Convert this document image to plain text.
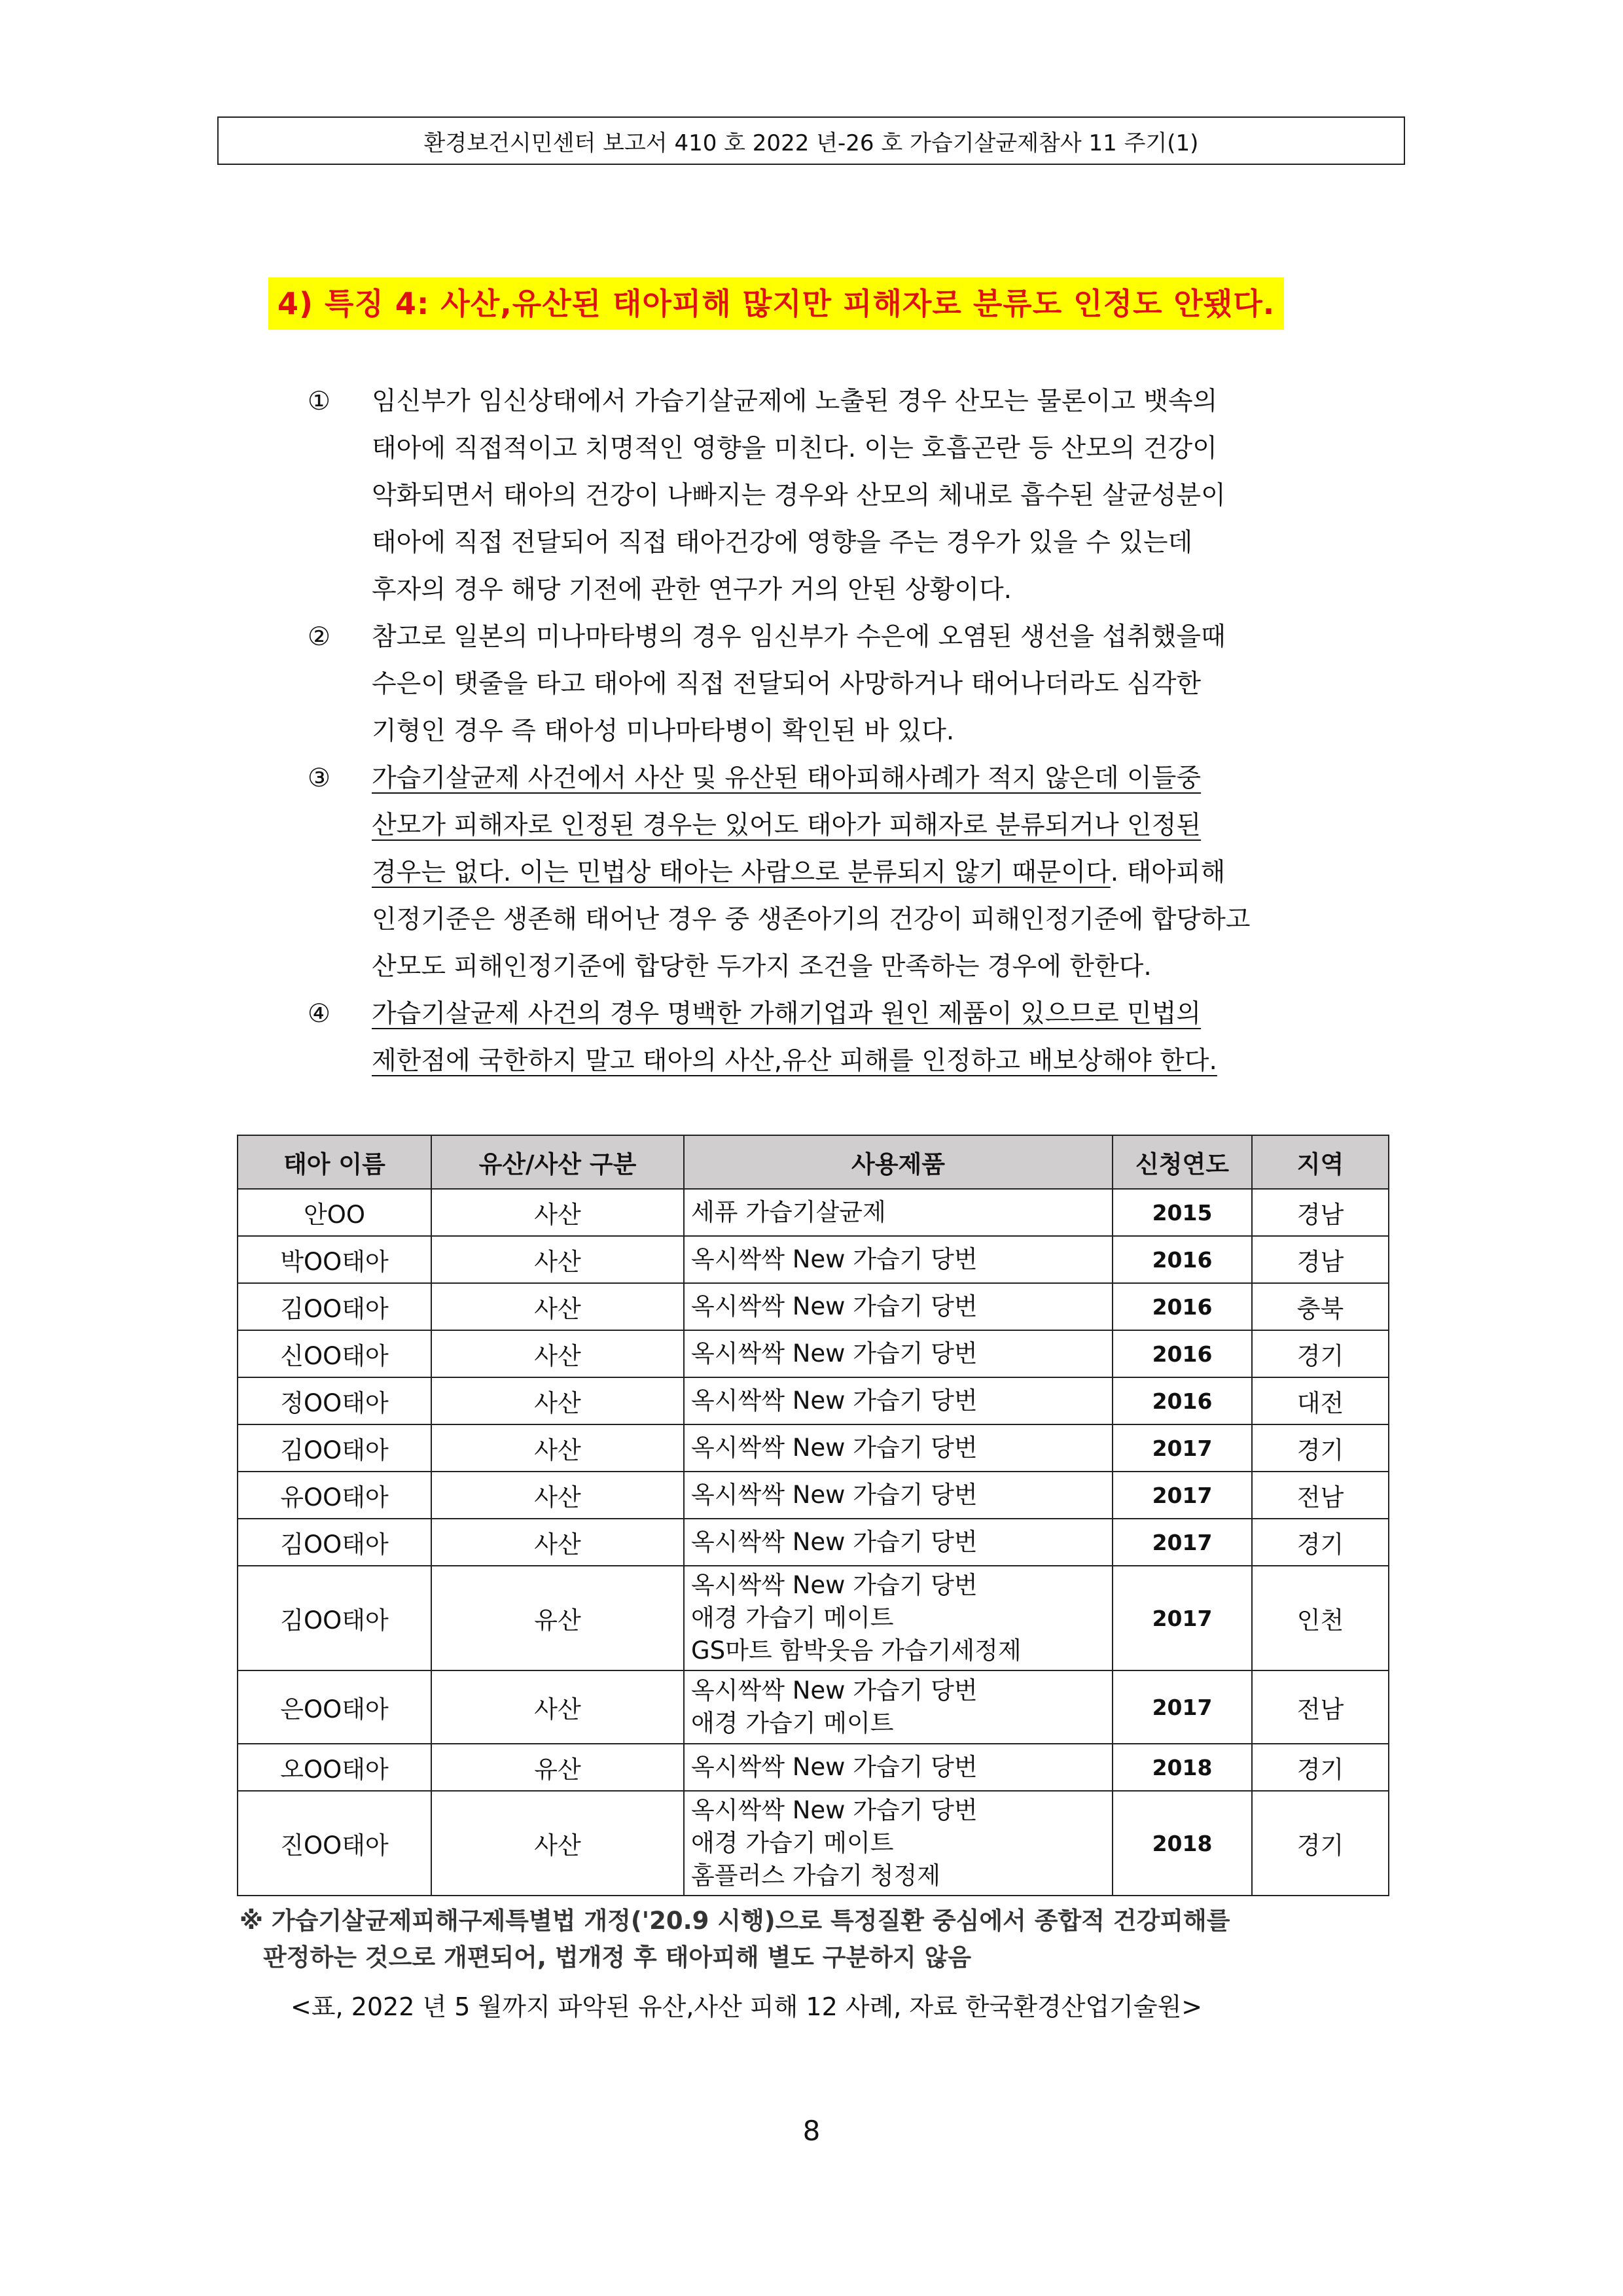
환경보건시민센터 보고서 410 호 2022 년-26 호 가습기살균제참사 11 주기(1)
4) 특징 4: 사산,유산된 태아피해 많지만 피해자로 분류도 인정도 안됐다.
①	임신부가 임신상태에서 가습기살균제에 노출된 경우 산모는 물론이고 뱃속의
태아에 직접적이고 치명적인 영향을 미친다. 이는 호흡곤란 등 산모의 건강이
악화되면서 태아의 건강이 나빠지는 경우와 산모의 체내로 흡수된 살균성분이
태아에 직접 전달되어 직접 태아건강에 영향을 주는 경우가 있을 수 있는데
후자의 경우 해당 기전에 관한 연구가 거의 안된 상황이다.
②	참고로 일본의 미나마타병의 경우 임신부가 수은에 오염된 생선을 섭취했을때
수은이 탯줄을 타고 태아에 직접 전달되어 사망하거나 태어나더라도 심각한
기형인 경우 즉 태아성 미나마타병이 확인된 바 있다.
③	가습기살균제 사건에서 사산 및 유산된 태아피해사례가 적지 않은데 이들중
산모가 피해자로 인정된 경우는 있어도 태아가 피해자로 분류되거나 인정된
경우는 없다. 이는 민법상 태아는 사람으로 분류되지 않기 때문이다. 태아피해
인정기준은 생존해 태어난 경우 중 생존아기의 건강이 피해인정기준에 합당하고
산모도 피해인정기준에 합당한 두가지 조건을 만족하는 경우에 한한다.
④	가습기살균제 사건의 경우 명백한 가해기업과 원인 제품이 있으므로 민법의
제한점에 국한하지 말고 태아의 사산,유산 피해를 인정하고 배보상해야 한다.
태아 이름	유산/사산 구분	사용제품	신청연도	지역
안OO	사산	세퓨 가습기살균제	2015	경남
박OO태아	사산	옥시싹싹 New 가습기 당번	2016	경남
김OO태아	사산	옥시싹싹 New 가습기 당번	2016	충북
신OO태아	사산	옥시싹싹 New 가습기 당번	2016	경기
정OO태아	사산	옥시싹싹 New 가습기 당번	2016	대전
김OO태아	사산	옥시싹싹 New 가습기 당번	2017	경기
유OO태아	사산	옥시싹싹 New 가습기 당번	2017	전남
김OO태아	사산	옥시싹싹 New 가습기 당번	2017	경기
김OO태아	유산	옥시싹싹 New 가습기 당번
애경 가습기 메이트
GS마트 함박웃음 가습기세정제	2017	인천
은OO태아	사산	옥시싹싹 New 가습기 당번
애경 가습기 메이트	2017	전남
오OO태아	유산	옥시싹싹 New 가습기 당번	2018	경기
진OO태아	사산	옥시싹싹 New 가습기 당번
애경 가습기 메이트
홈플러스 가습기 청정제	2018	경기
※ 가습기살균제피해구제특별법 개정('20.9 시행)으로 특정질환 중심에서 종합적 건강피해를
판정하는 것으로 개편되어, 법개정 후 태아피해 별도 구분하지 않음
<표, 2022 년 5 월까지 파악된 유산,사산 피해 12 사례, 자료 한국환경산업기술원>
8
